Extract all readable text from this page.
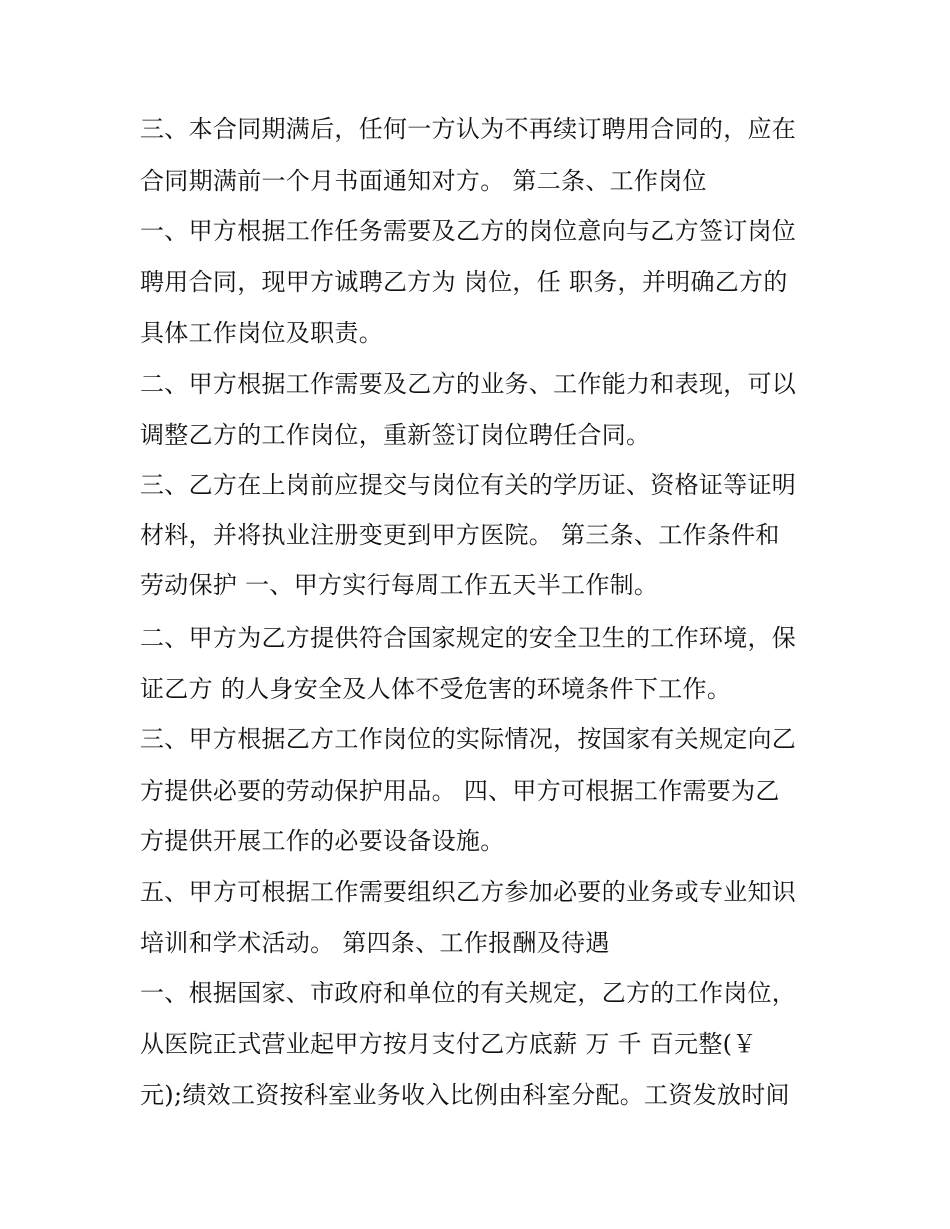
三、本合同期满后，任何一方认为不再续订聘用合同的，应在
合同期满前一个月书面通知对方。 第二条、工作岗位
一、甲方根据工作任务需要及乙方的岗位意向与乙方签订岗位
聘用合同，现甲方诚聘乙方为 岗位，任 职务，并明确乙方的
具体工作岗位及职责。
二、甲方根据工作需要及乙方的业务、工作能力和表现，可以
调整乙方的工作岗位，重新签订岗位聘任合同。
三、乙方在上岗前应提交与岗位有关的学历证、资格证等证明
材料，并将执业注册变更到甲方医院。 第三条、工作条件和
劳动保护 一、甲方实行每周工作五天半工作制。
二、甲方为乙方提供符合国家规定的安全卫生的工作环境，保
证乙方 的人身安全及人体不受危害的环境条件下工作。
三、甲方根据乙方工作岗位的实际情况，按国家有关规定向乙
方提供必要的劳动保护用品。 四、甲方可根据工作需要为乙
方提供开展工作的必要设备设施。
五、甲方可根据工作需要组织乙方参加必要的业务或专业知识
培训和学术活动。 第四条、工作报酬及待遇
一、根据国家、市政府和单位的有关规定，乙方的工作岗位，
从医院正式营业起甲方按月支付乙方底薪 万 千 百元整(￥
元);绩效工资按科室业务收入比例由科室分配。工资发放时间
